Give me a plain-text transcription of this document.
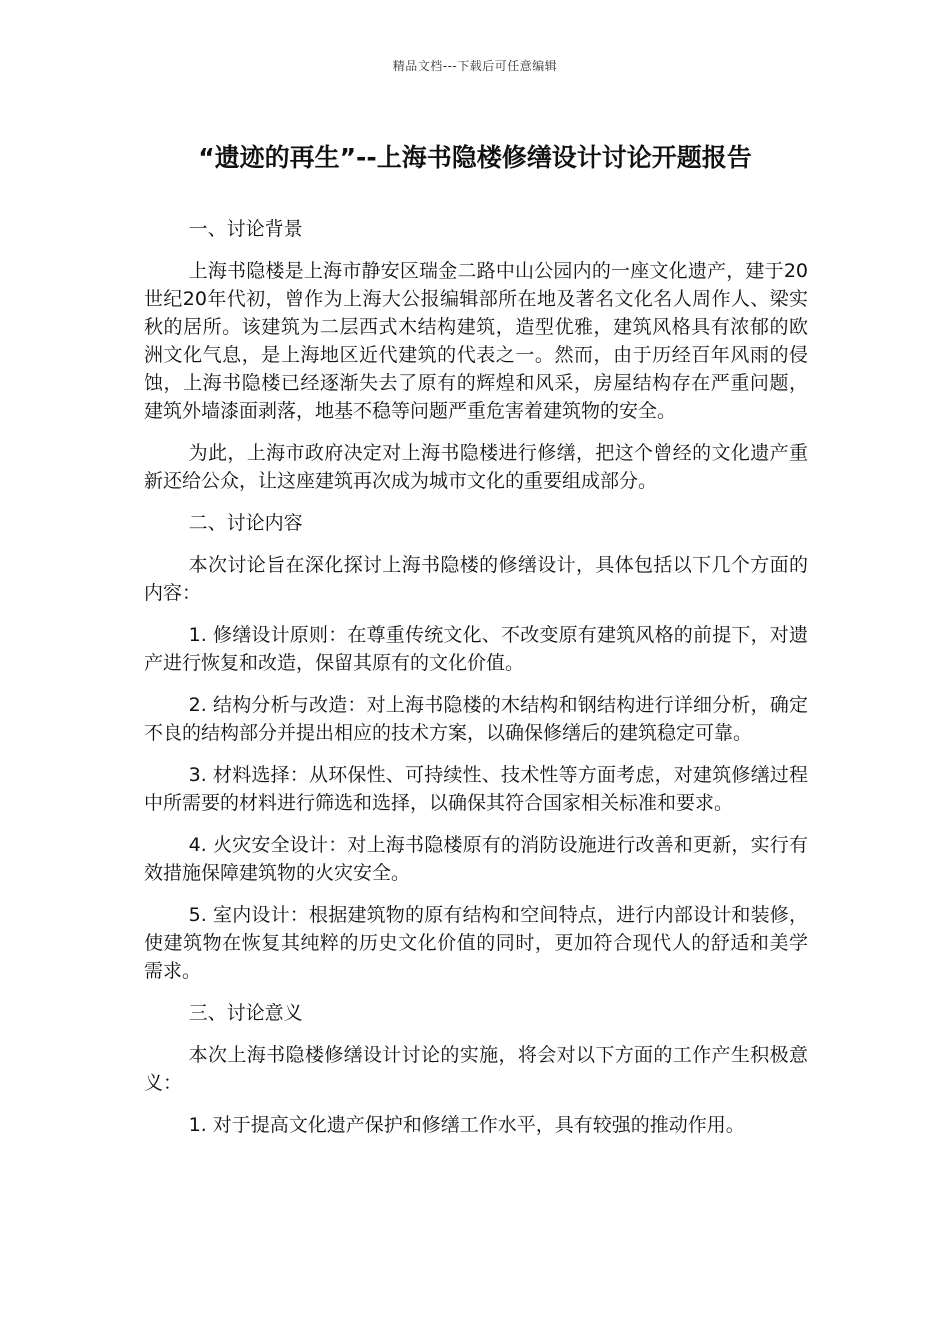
精品文档---下载后可任意编辑
“遗迹的再生”--上海书隐楼修缮设计讨论开题报告

一、讨论背景

上海书隐楼是上海市静安区瑞金二路中山公园内的一座文化遗产，建于20世纪20年代初，曾作为上海大公报编辑部所在地及著名文化名人周作人、梁实秋的居所。该建筑为二层西式木结构建筑，造型优雅，建筑风格具有浓郁的欧洲文化气息，是上海地区近代建筑的代表之一。然而，由于历经百年风雨的侵蚀，上海书隐楼已经逐渐失去了原有的辉煌和风采，房屋结构存在严重问题，建筑外墙漆面剥落，地基不稳等问题严重危害着建筑物的安全。

为此，上海市政府决定对上海书隐楼进行修缮，把这个曾经的文化遗产重新还给公众，让这座建筑再次成为城市文化的重要组成部分。

二、讨论内容

本次讨论旨在深化探讨上海书隐楼的修缮设计，具体包括以下几个方面的内容：

1. 修缮设计原则：在尊重传统文化、不改变原有建筑风格的前提下，对遗产进行恢复和改造，保留其原有的文化价值。

2. 结构分析与改造：对上海书隐楼的木结构和钢结构进行详细分析，确定不良的结构部分并提出相应的技术方案，以确保修缮后的建筑稳定可靠。

3. 材料选择：从环保性、可持续性、技术性等方面考虑，对建筑修缮过程中所需要的材料进行筛选和选择，以确保其符合国家相关标准和要求。

4. 火灾安全设计：对上海书隐楼原有的消防设施进行改善和更新，实行有效措施保障建筑物的火灾安全。

5. 室内设计：根据建筑物的原有结构和空间特点，进行内部设计和装修，使建筑物在恢复其纯粹的历史文化价值的同时，更加符合现代人的舒适和美学需求。

三、讨论意义

本次上海书隐楼修缮设计讨论的实施，将会对以下方面的工作产生积极意义：

1. 对于提高文化遗产保护和修缮工作水平，具有较强的推动作用。
